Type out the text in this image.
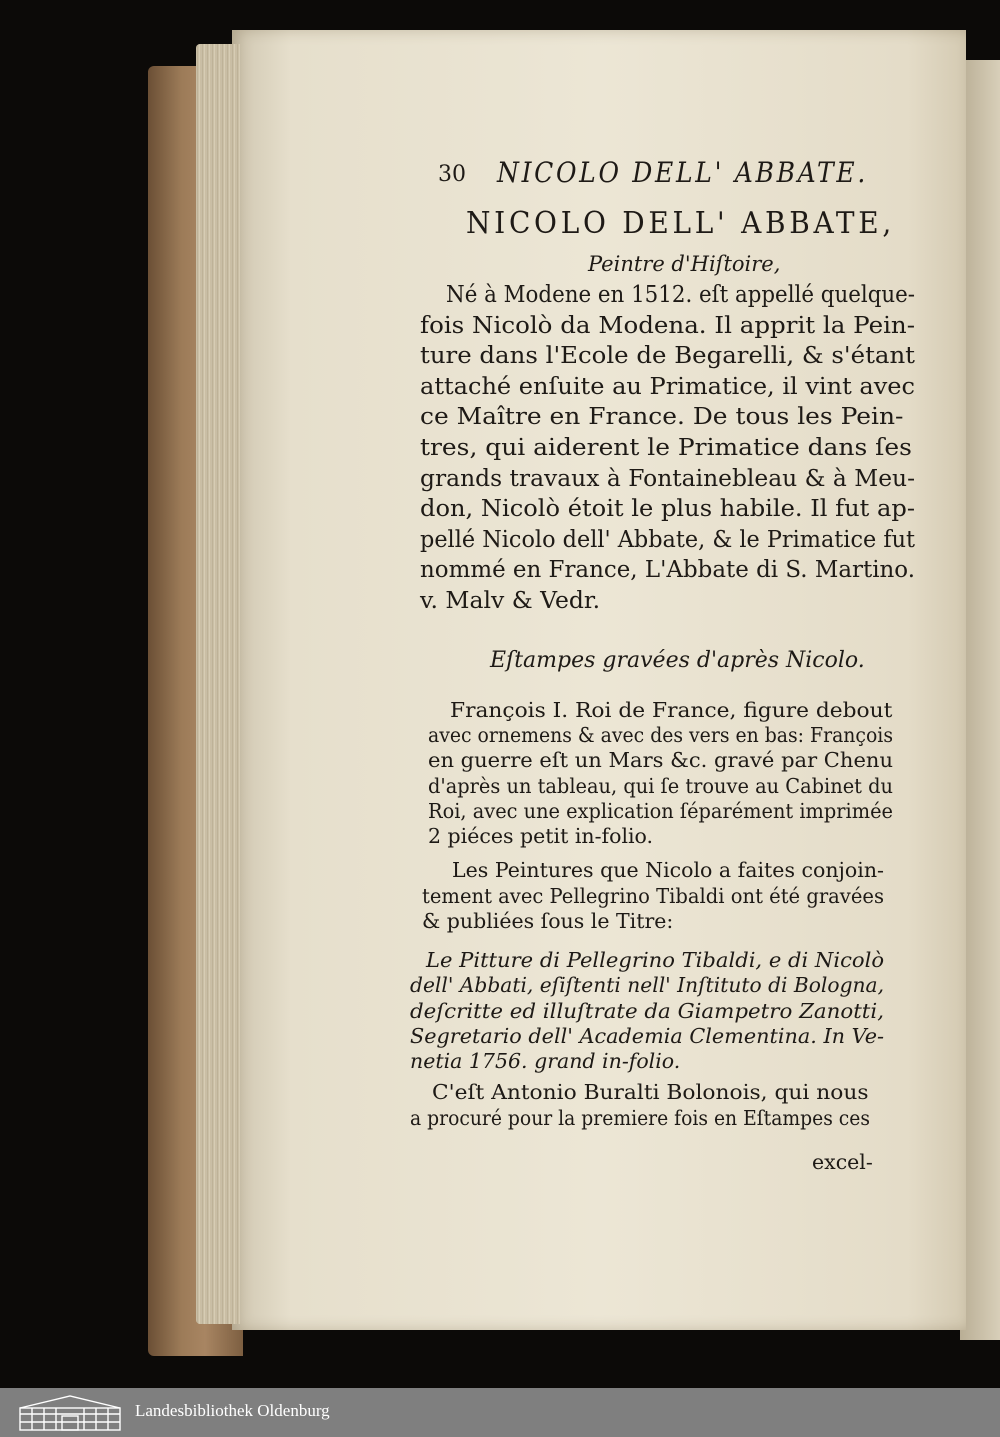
30 NICOLO DELL' ABBATE.
NICOLO DELL' ABBATE,
Peintre d'Hiſtoire,
Né à Modene en 1512. eſt appellé quelque-
fois Nicolò da Modena. Il apprit la Pein-
ture dans l'Ecole de Begarelli, & s'étant
attaché enſuite au Primatice, il vint avec
ce Maître en France. De tous les Pein-
tres, qui aiderent le Primatice dans ſes
grands travaux à Fontainebleau & à Meu-
don, Nicolò étoit le plus habile. Il fut ap-
pellé Nicolo dell' Abbate, & le Primatice fut
nommé en France, L'Abbate di S. Martino.
v. Malv & Vedr.
Eſtampes gravées d'après Nicolo.
François I. Roi de France, figure debout
avec ornemens & avec des vers en bas: François
en guerre eſt un Mars &c. gravé par Chenu
d'après un tableau, qui ſe trouve au Cabinet du
Roi, avec une explication ſéparément imprimée
2 piéces petit in-folio.
Les Peintures que Nicolo a faites conjoin-
tement avec Pellegrino Tibaldi ont été gravées
& publiées ſous le Titre:
Le Pitture di Pellegrino Tibaldi, e di Nicolò
dell' Abbati, eſiſtenti nell' Inſtituto di Bologna,
deſcritte ed illuſtrate da Giampetro Zanotti,
Segretario dell' Academia Clementina. In Ve-
netia 1756. grand in-folio.
C'eſt Antonio Buralti Bolonois, qui nous
a procuré pour la premiere fois en Eſtampes ces
excel-
Landesbibliothek Oldenburg
